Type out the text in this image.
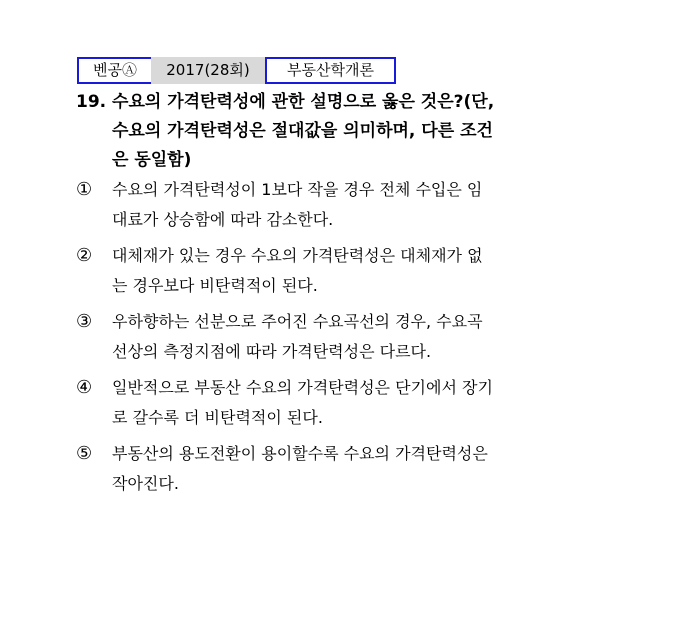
벤공Ⓐ	2017(28회)	부동산학개론
19. 수요의 가격탄력성에 관한 설명으로 옳은 것은?(단,
수요의 가격탄력성은 절대값을 의미하며, 다른 조건
은 동일함)
①	수요의 가격탄력성이 1보다 작을 경우 전체 수입은 임
대료가 상승함에 따라 감소한다.
②	대체재가 있는 경우 수요의 가격탄력성은 대체재가 없
는 경우보다 비탄력적이 된다.
③	우하향하는 선분으로 주어진 수요곡선의 경우, 수요곡
선상의 측정지점에 따라 가격탄력성은 다르다.
④	일반적으로 부동산 수요의 가격탄력성은 단기에서 장기
로 갈수록 더 비탄력적이 된다.
⑤	부동산의 용도전환이 용이할수록 수요의 가격탄력성은
작아진다.
